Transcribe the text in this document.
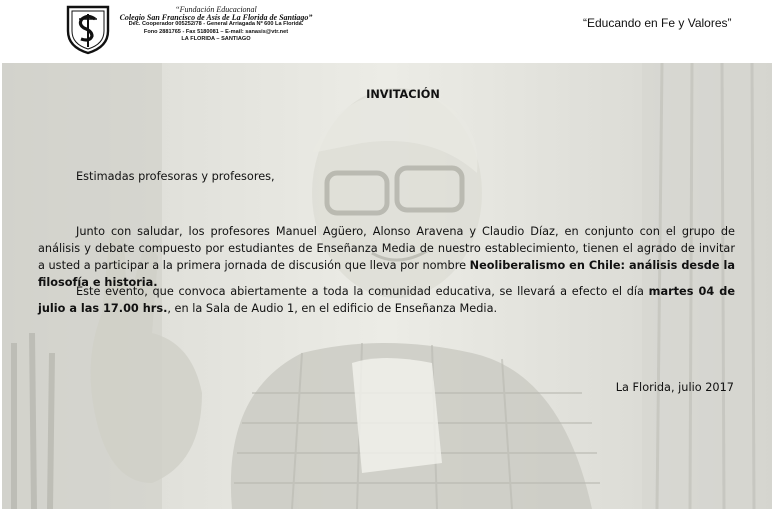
“Fundación Educacional
Colegio San Francisco de Asís de La Florida de Santiago”
Dec. Cooperador 005252/78 - General Arriagada Nº 600 La Florida.
Fono 2881765 - Fax 5180081 – E-mail: sanasis@vtr.net
LA FLORIDA – SANTIAGO
“Educando en Fe y Valores”
INVITACIÓN
Estimadas profesoras y profesores,
Junto con saludar, los profesores Manuel Agüero, Alonso Aravena y Claudio Díaz, en conjunto con el grupo de análisis y debate compuesto por estudiantes de Enseñanza Media de nuestro establecimiento, tienen el agrado de invitar a usted a participar a la primera jornada de discusión que lleva por nombre Neoliberalismo en Chile: análisis desde la filosofía e historia.
Este evento, que convoca abiertamente a toda la comunidad educativa, se llevará a efecto el día martes 04 de julio a las 17.00 hrs., en la Sala de Audio 1, en el edificio de Enseñanza Media.
La Florida, julio 2017
